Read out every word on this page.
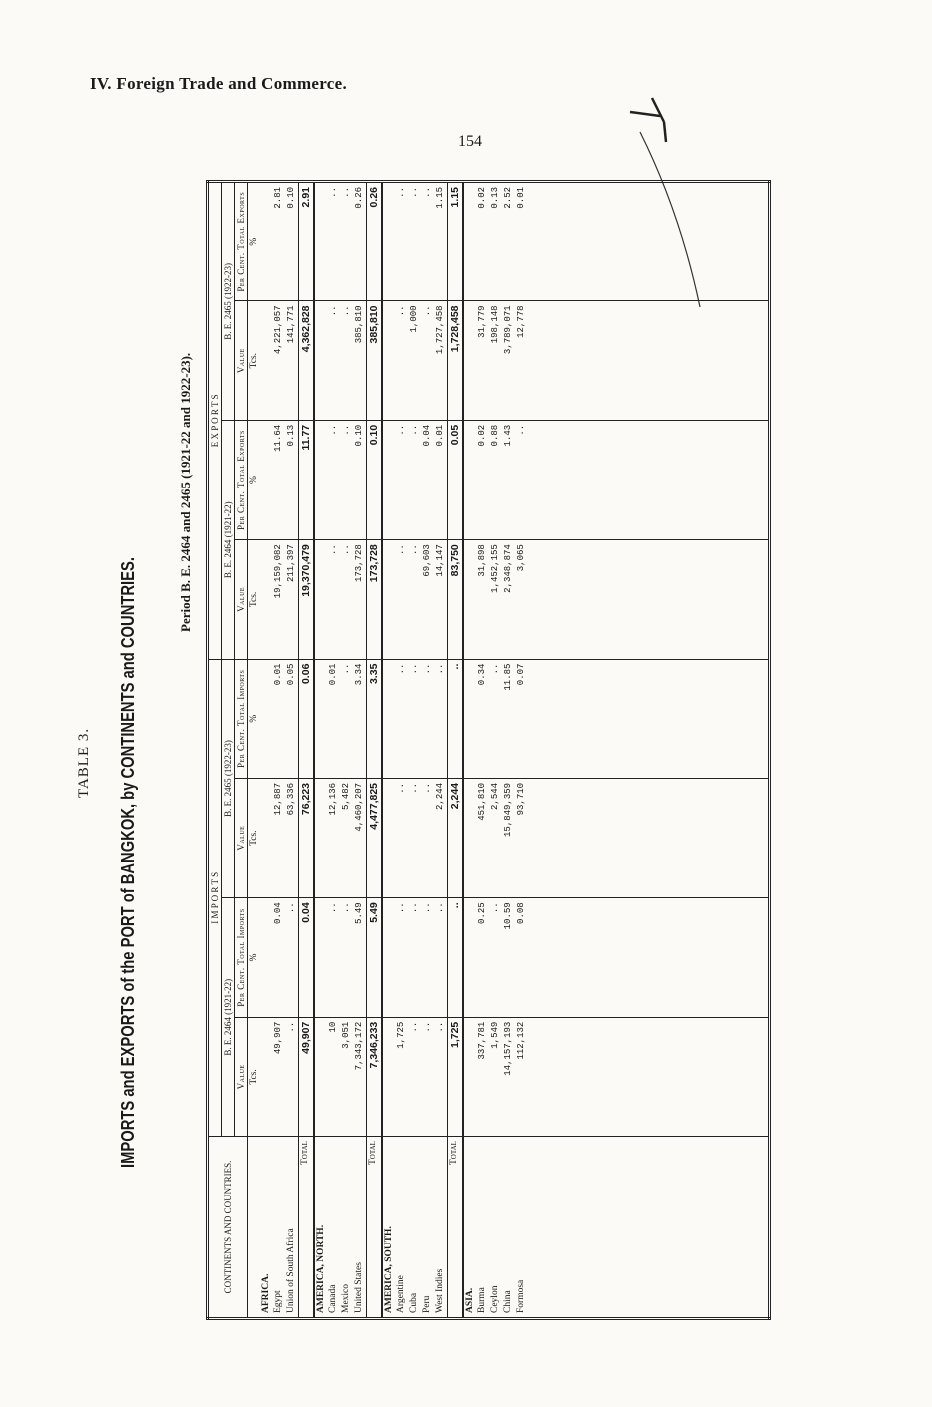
IV. Foreign Trade and Commerce.
154
TABLE 3. IMPORTS and EXPORTS of the PORT of BANGKOK, by CONTINENTS and COUNTRIES.
Period B. E. 2464 and 2465 (1921-22 and 1922-23).
CONTINENTS AND COUNTRIES.	I M P O R T S				E X P O R T S			
	B. E. 2464 (1921-22)		B. E. 2465 (1922-23)		B. E. 2464 (1921-22)		B. E. 2465 (1922-23)	
	Value	Per Cent. Total Imports	Value	Per Cent. Total Imports	Value	Per Cent. Total Exports	Value	Per Cent. Total Exports
	Tcs.	%	Tcs.	%	Tcs.	%	Tcs.	%
AFRICA.								
Egypt	49,907	0.04	12,887	0.01	19,159,082	11.64	4,221,057	2.81
Union of South Africa	..	..	63,336	0.05	211,397	0.13	141,771	0.10
Total	49,907	0.04	76,223	0.06	19,370,479	11.77	4,362,828	2.91
AMERICA, NORTH.								
Canada	10	..	12,136	0.01	..	..	..	..
Mexico	3,051	..	5,482	..	..	..	..	..
United States	7,343,172	5.49	4,460,207	3.34	173,728	0.10	385,810	0.26
Total	7,346,233	5.49	4,477,825	3.35	173,728	0.10	385,810	0.26
AMERICA, SOUTH.								
Argentine	1,725	..	..	..	..	..	..	..
Cuba	..	..	..	..	..	..	1,000	..
Peru	..	..	..	..	69,603	0.04	..	..
West Indies	..	..	2,244	..	14,147	0.01	1,727,458	1.15
Total	1,725	..	2,244	..	83,750	0.05	1,728,458	1.15
ASIA.								
Burma	337,781	0.25	451,810	0.34	31,898	0.02	31,779	0.02
Ceylon	1,549	..	2,544	..	1,452,155	0.88	198,148	0.13
China	14,157,193	10.59	15,849,359	11.85	2,348,874	1.43	3,789,071	2.52
Formosa	112,132	0.08	93,710	0.07	3,065	..	12,778	0.01
